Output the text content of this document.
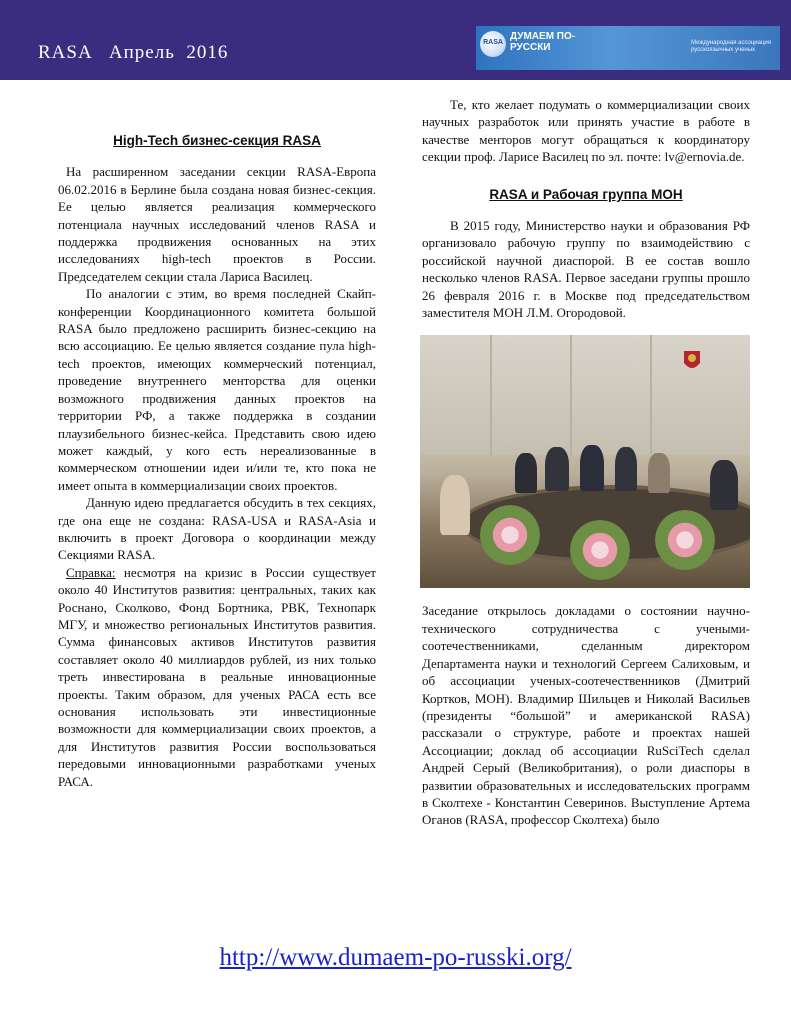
RASA   Апрель  2016	RASA
ДУМАЕМ ПО-РУССКИ	Международная ассоциация русскоязычных ученых

High-Tech бизнес-секция RASA

На расширенном заседании секции RASA-Европа 06.02.2016 в Берлине была создана новая бизнес-секция. Ее целью является реализация коммерческого потенциала научных исследований членов RASA и поддержка продвижения основанных на этих исследованиях high-tech проектов в России. Председателем секции стала Лариса Василец.

По аналогии с этим, во время последней Скайп-конференции Координационного комитета большой RASA было предложено расширить бизнес-секцию на всю ассоциацию. Ее целью является создание пула high-tech проектов, имеющих коммерческий потенциал, проведение внутреннего менторства для оценки возможного продвижения данных проектов на территории РФ, а также поддержка в создании плаузибельного бизнес-кейса. Представить свою идею может каждый, у кого есть нереализованные в коммерческом отношении идеи и/или те, кто пока не имеет опыта в коммерциализации своих проектов.

Данную идею предлагается обсудить в тех секциях, где она еще не создана: RASA-USA и RASA-Asia и включить в проект Договора о координации между Секциями RASA.

Справка: несмотря на кризис в России существует около 40 Институтов развития: центральных, таких как Роснано, Сколково, Фонд Бортника, РВК, Технопарк МГУ, и множество региональных Институтов развития. Сумма финансовых активов Институтов развития составляет около 40 миллиардов рублей, из них только треть инвестирована в реальные инновационные проекты. Таким образом, для ученых РАСА есть все основания использовать эти инвестиционные возможности для коммерциализации своих проектов, а для Институтов развития России воспользоваться передовыми инновационными разработками ученых РАСА.

Те, кто желает подумать о коммерциализации своих научных разработок или принять участие в работе в качестве менторов могут обращаться к координатору секции проф. Ларисе Василец по эл. почте: lv@ernovia.de.

RASA и Рабочая группа МОН

В 2015 году, Министерство науки и образования РФ организовало рабочую группу по взаимодействию с российской научной диаспорой. В ее состав вошло несколько членов RASA. Первое заседани группы прошло 26 февраля 2016 г. в Москве под председательством заместителя МОН Л.М. Огородовой.

Заседание открылось докладами о состоянии научно-технического сотрудничества с учеными-соотечественниками, сделанным директором Департамента науки и технологий Сергеем Салиховым, и об ассоциации ученых-соотечественников (Дмитрий Кортков, МОН). Владимир Шильцев и Николай Васильев (президенты “большой” и американской RASA) рассказали о структуре, работе и проектах нашей Ассоциации; доклад об ассоциации RuSciTech сделал Андрей Серый (Великобритания), о роли диаспоры в развитии образовательных и исследовательских программ в Сколтехе - Константин Северинов. Выступление Артема Оганов (RASA, профессор Сколтеха) было

http://www.dumaem-po-russki.org/
